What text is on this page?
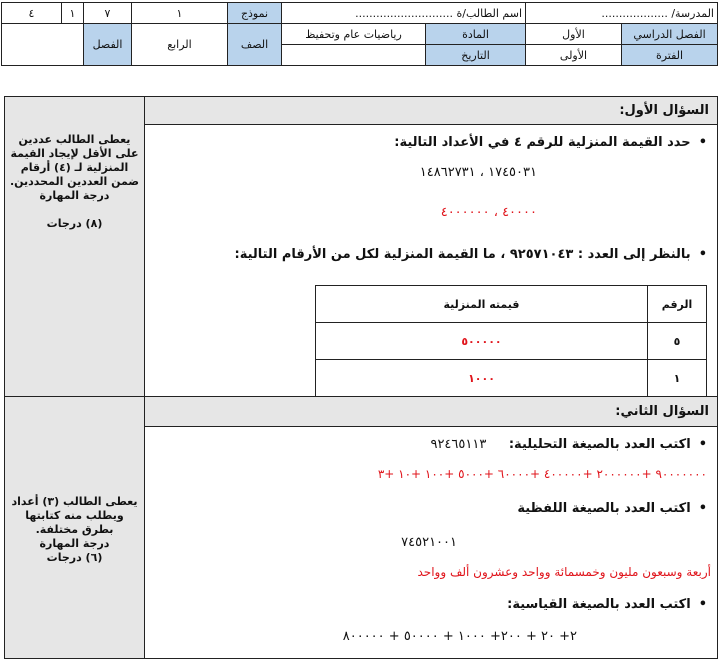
المدرسة/ ...................		اسم الطالب/ة ............................		نموذج	١	٧	١	٤
الفصل الدراسي	الأول	المادة	رياضيات عام وتحفيظ	الصف	الرابع	الفصل		
الفترة	الأولى	التاريخ						
السؤال الأول:
•حدد القيمة المنزلية للرقم ٤ في الأعداد التالية:
١٧٤٥٠٣١ ، ١٤٨٦٢٧٣١
٤٠٠٠٠ ، ٤٠٠٠٠٠٠
•بالنظر إلى العدد : ٩٢٥٧١٠٤٣ ، ما القيمة المنزلية لكل من الأرقام التالية:
الرقم	قيمته المنزلية
٥	٥٠٠٠٠٠
١	١٠٠٠
يعطى الطالب عددين
على الأقل لإيجاد القيمة
المنزلية لـ (٤) أرقام
ضمن العددين المحددين.
درجة المهارة
(٨) درجات
السؤال الثاني:
•اكتب العدد بالصيغة التحليلية: ٩٢٤٦٥١١٣
٩٠٠٠٠٠٠٠ +٢٠٠٠٠٠٠ +٤٠٠٠٠٠ +٦٠٠٠٠ +٥٠٠٠ +١٠٠ +١٠ +٣
•اكتب العدد بالصيغة اللفظية
٧٤٥٢١٠٠١
أربعة وسبعون مليون وخمسمائة وواحد وعشرون ألف وواحد
•اكتب العدد بالصيغة القياسية:
٢+ ٢٠ + ٢٠٠+ ١٠٠٠ + ٥٠٠٠٠ + ٨٠٠٠٠٠
يعطى الطالب (٣) أعداد
ويطلب منه كتابتها
بطرق مختلفة.
درجة المهارة
(٦) درجات
